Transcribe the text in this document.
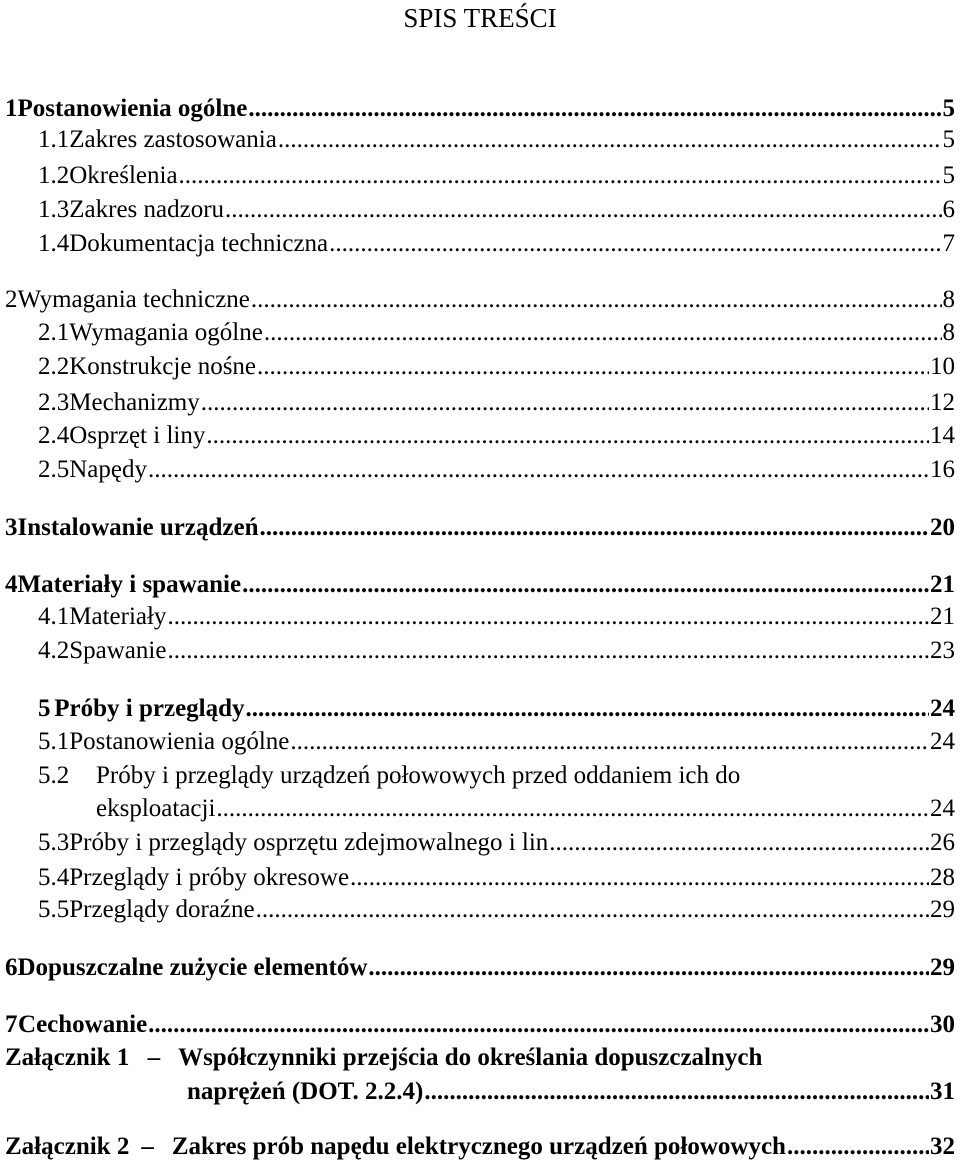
SPIS TREŚCI
1 Postanowienia ogólne .....	5
1.1 Zakres zastosowania .....	5
1.2 Określenia .....	5
1.3 Zakres nadzoru .....	6
1.4 Dokumentacja techniczna .....	7
2 Wymagania techniczne .....	8
2.1 Wymagania ogólne .....	8
2.2 Konstrukcje nośne .....	10
2.3 Mechanizmy .....	12
2.4 Osprzęt i liny .....	14
2.5 Napędy .....	16
3 Instalowanie urządzeń .....	20
4 Materiały i spawanie .....	21
4.1 Materiały .....	21
4.2 Spawanie .....	23
5 Próby i przeglądy .....	24
5.1 Postanowienia ogólne .....	24
5.2 Próby i przeglądy urządzeń połowowych przed oddaniem ich do
eksploatacji .....	24
5.3 Próby i przeglądy osprzętu zdejmowalnego i lin .....	26
5.4 Przeglądy i próby okresowe .....	28
5.5 Przeglądy doraźne .....	29
6 Dopuszczalne zużycie elementów .....	29
7 Cechowanie .....	30
Załącznik 1 – Współczynniki przejścia do określania dopuszczalnych
naprężeń (DOT. 2.2.4) .....	31
Załącznik 2 – Zakres prób napędu elektrycznego urządzeń połowowych .....	32
